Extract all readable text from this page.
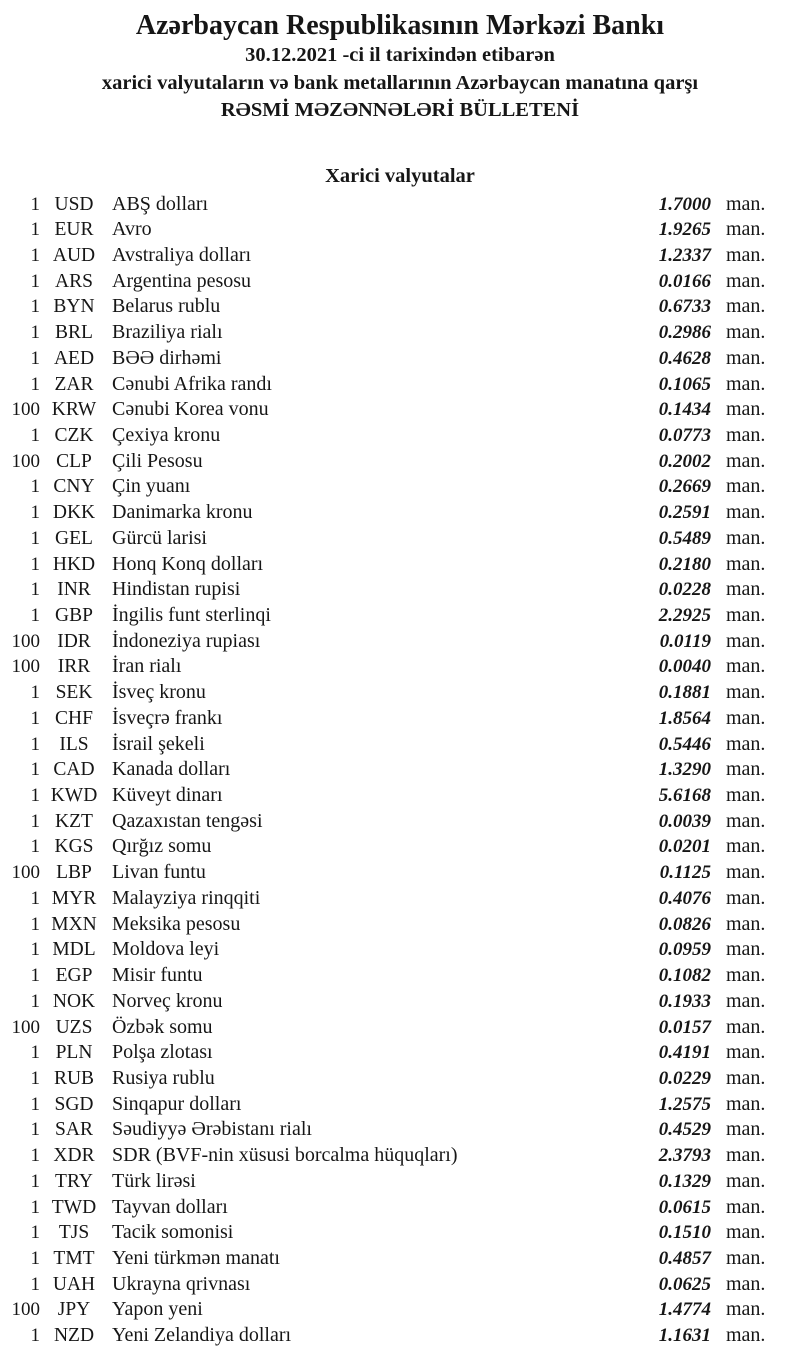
Azərbaycan Respublikasının Mərkəzi Bankı
30.12.2021 -ci il tarixindən etibarən
xarici valyutaların və bank metallarının Azərbaycan manatına qarşı
RƏSMİ MƏZƏNNƏLƏRİ BÜLLETENİ
Xarici valyutalar
1 USD ABŞ dolları	1.7000 man.
1 EUR Avro	1.9265 man.
1 AUD Avstraliya dolları	1.2337 man.
1 ARS Argentina pesosu	0.0166 man.
1 BYN Belarus rublu	0.6733 man.
1 BRL Braziliya rialı	0.2986 man.
1 AED BƏƏ dirhəmi	0.4628 man.
1 ZAR Cənubi Afrika randı	0.1065 man.
100 KRW Cənubi Korea vonu	0.1434 man.
1 CZK Çexiya kronu	0.0773 man.
100 CLP	Çili Pesosu	0.2002 man.
1 CNY Çin yuanı	0.2669 man.
1 DKK Danimarka kronu	0.2591 man.
1 GEL Gürcü larisi	0.5489 man.
1 HKD Honq Konq dolları	0.2180 man.
1 INR	Hindistan rupisi	0.0228 man.
1 GBP İngilis funt sterlinqi	2.2925 man.
100 IDR	İndoneziya rupiası	0.0119 man.
100 IRR	İran rialı	0.0040 man.
1 SEK İsveç kronu	0.1881 man.
1 CHF İsveçrə frankı	1.8564 man.
1 ILS	İsrail şekeli	0.5446 man.
1 CAD Kanada dolları	1.3290 man.
1 KWD Küveyt dinarı	5.6168 man.
1 KZT Qazaxıstan tengəsi	0.0039 man.
1 KGS Qırğız somu	0.0201 man.
100 LBP	Livan funtu	0.1125 man.
1 MYR Malayziya rinqqiti	0.4076 man.
1 MXN Meksika pesosu	0.0826 man.
1 MDL Moldova leyi	0.0959 man.
1 EGP Misir funtu	0.1082 man.
1 NOK Norveç kronu	0.1933 man.
100 UZS Özbək somu	0.0157 man.
1 PLN Polşa zlotası	0.4191 man.
1 RUB Rusiya rublu	0.0229 man.
1 SGD Sinqapur dolları	1.2575 man.
1 SAR Səudiyyə Ərəbistanı rialı	0.4529 man.
1 XDR SDR (BVF-nin xüsusi borcalma hüquqları)	2.3793 man.
1 TRY Türk lirəsi	0.1329 man.
1 TWD Tayvan dolları	0.0615 man.
1 TJS	Tacik somonisi	0.1510 man.
1 TMT Yeni türkmən manatı	0.4857 man.
1 UAH Ukrayna qrivnası	0.0625 man.
100 JPY	Yapon yeni	1.4774 man.
1 NZD Yeni Zelandiya dolları	1.1631 man.
